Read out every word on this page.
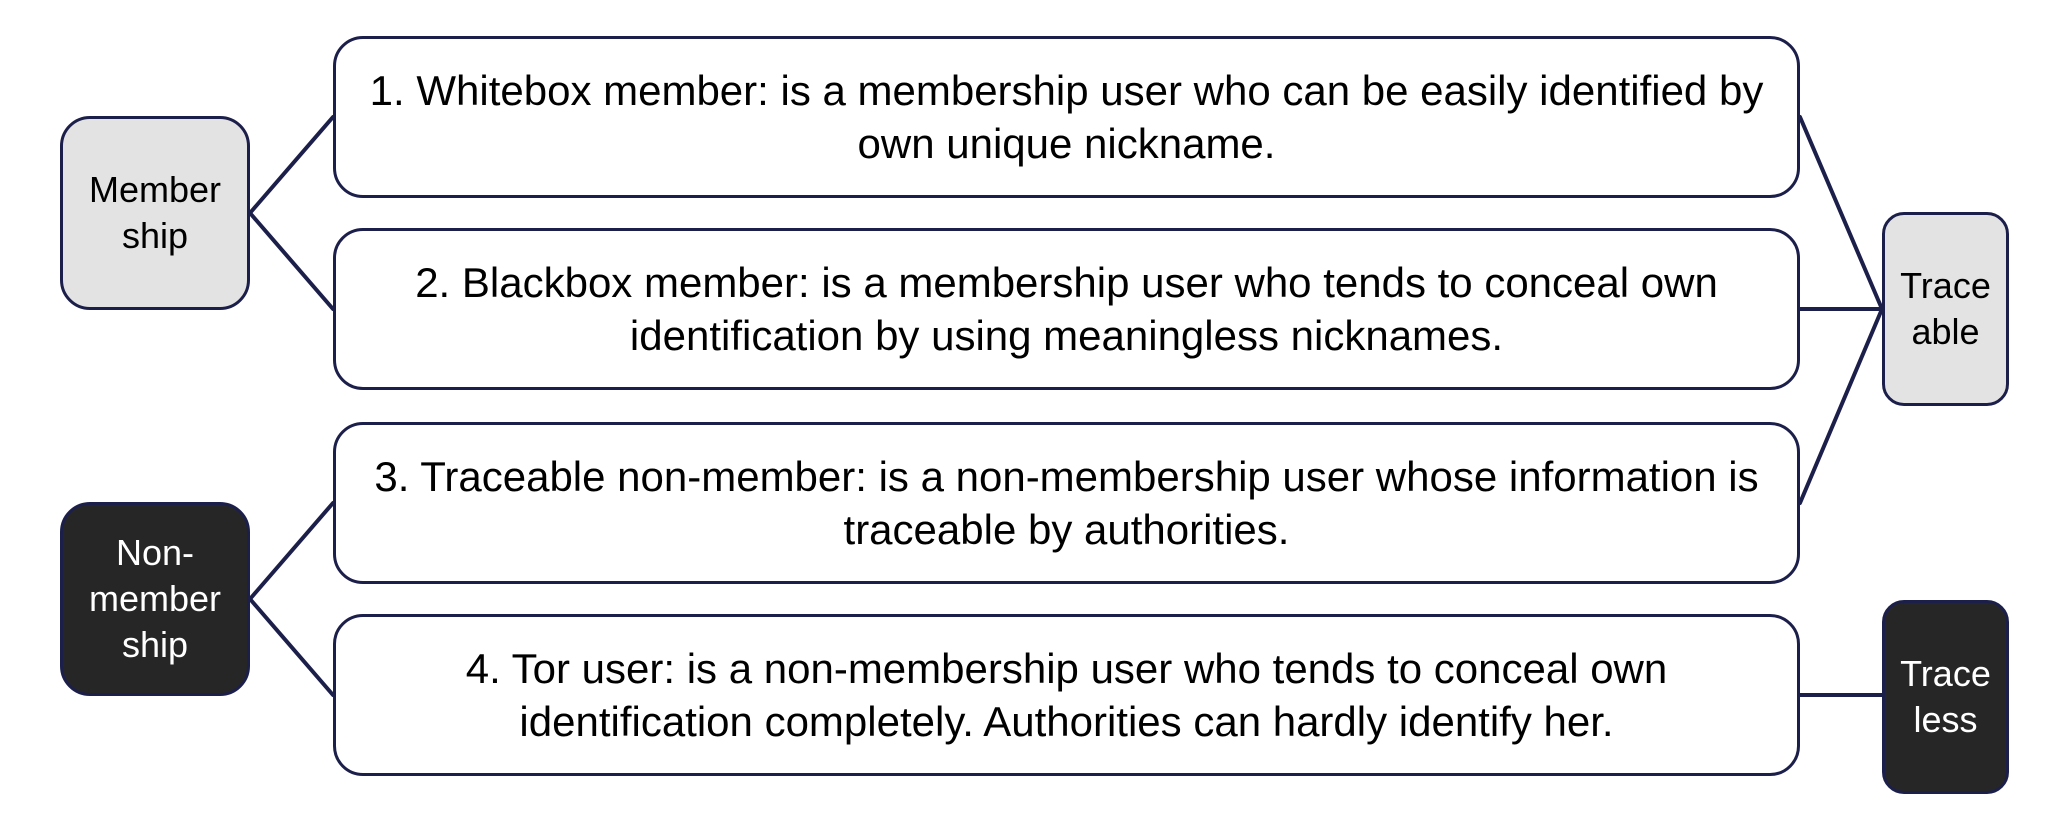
Member
ship
Non-
member
ship
1. Whitebox member: is a membership user who can be easily identified by own unique nickname.
2. Blackbox member: is a membership user who tends to conceal own identification by using meaningless nicknames.
3. Traceable non-member: is a non-membership user whose information is traceable by authorities.
4. Tor user: is a non-membership user who tends to conceal own identification completely. Authorities can hardly identify her.
Trace
able
Trace
less
